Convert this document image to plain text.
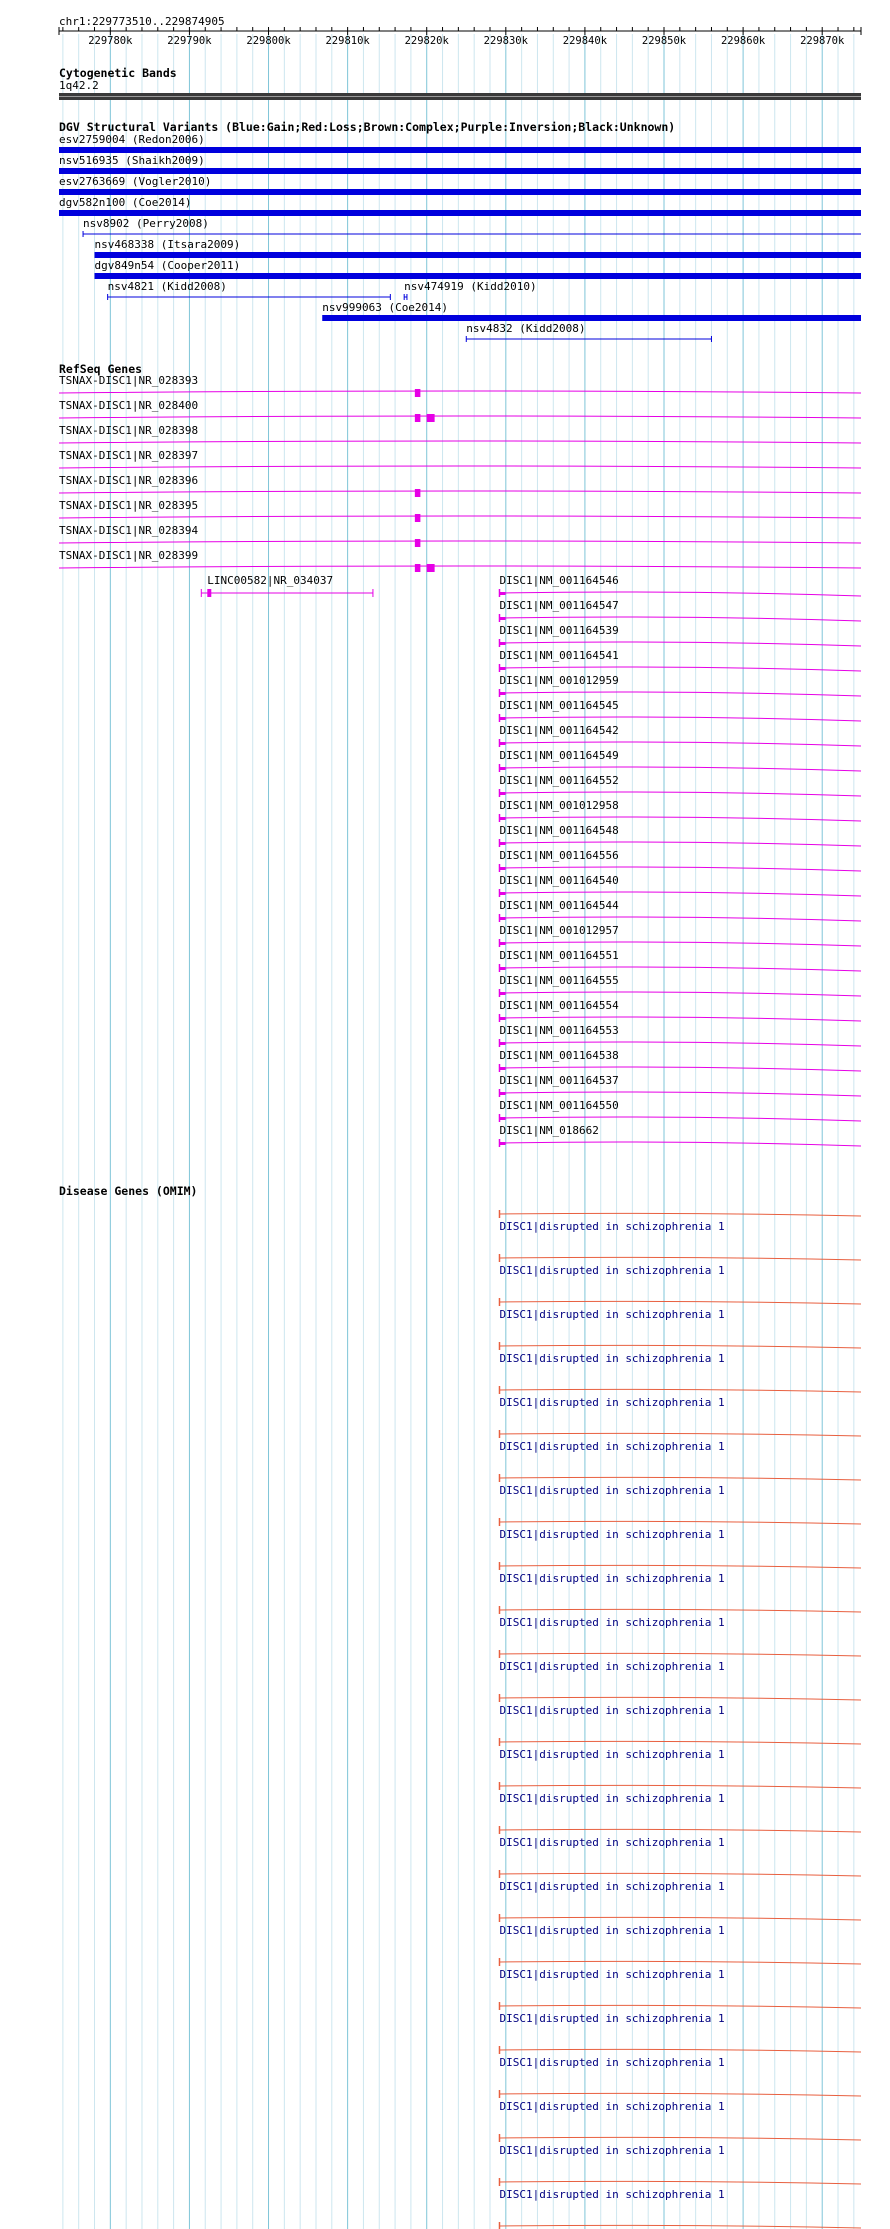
chr1:229773510..229874905
229780k	229790k	229800k	229810k	229820k	229830k	229840k	229850k	229860k	229870k
Cytogenetic Bands
1q42.2
DGV Structural Variants (Blue:Gain;Red:Loss;Brown:Complex;Purple:Inversion;Black:Unknown)
esv2759004 (Redon2006)
nsv516935 (Shaikh2009)
esv2763669 (Vogler2010)
dgv582n100 (Coe2014)
nsv8902 (Perry2008)
nsv468338 (Itsara2009)
dgv849n54 (Cooper2011)
nsv4821 (Kidd2008)	nsv474919 (Kidd2010)
nsv999063 (Coe2014)
nsv4832 (Kidd2008)
RefSeq Genes
TSNAX-DISC1|NR_028393
TSNAX-DISC1|NR_028400
TSNAX-DISC1|NR_028398
TSNAX-DISC1|NR_028397
TSNAX-DISC1|NR_028396
TSNAX-DISC1|NR_028395
TSNAX-DISC1|NR_028394
TSNAX-DISC1|NR_028399
LINC00582|NR_034037	DISC1|NM_001164546
DISC1|NM_001164547
DISC1|NM_001164539
DISC1|NM_001164541
DISC1|NM_001012959
DISC1|NM_001164545
DISC1|NM_001164542
DISC1|NM_001164549
DISC1|NM_001164552
DISC1|NM_001012958
DISC1|NM_001164548
DISC1|NM_001164556
DISC1|NM_001164540
DISC1|NM_001164544
DISC1|NM_001012957
DISC1|NM_001164551
DISC1|NM_001164555
DISC1|NM_001164554
DISC1|NM_001164553
DISC1|NM_001164538
DISC1|NM_001164537
DISC1|NM_001164550
DISC1|NM_018662
Disease Genes (OMIM)
DISC1|disrupted in schizophrenia 1
DISC1|disrupted in schizophrenia 1
DISC1|disrupted in schizophrenia 1
DISC1|disrupted in schizophrenia 1
DISC1|disrupted in schizophrenia 1
DISC1|disrupted in schizophrenia 1
DISC1|disrupted in schizophrenia 1
DISC1|disrupted in schizophrenia 1
DISC1|disrupted in schizophrenia 1
DISC1|disrupted in schizophrenia 1
DISC1|disrupted in schizophrenia 1
DISC1|disrupted in schizophrenia 1
DISC1|disrupted in schizophrenia 1
DISC1|disrupted in schizophrenia 1
DISC1|disrupted in schizophrenia 1
DISC1|disrupted in schizophrenia 1
DISC1|disrupted in schizophrenia 1
DISC1|disrupted in schizophrenia 1
DISC1|disrupted in schizophrenia 1
DISC1|disrupted in schizophrenia 1
DISC1|disrupted in schizophrenia 1
DISC1|disrupted in schizophrenia 1
DISC1|disrupted in schizophrenia 1
